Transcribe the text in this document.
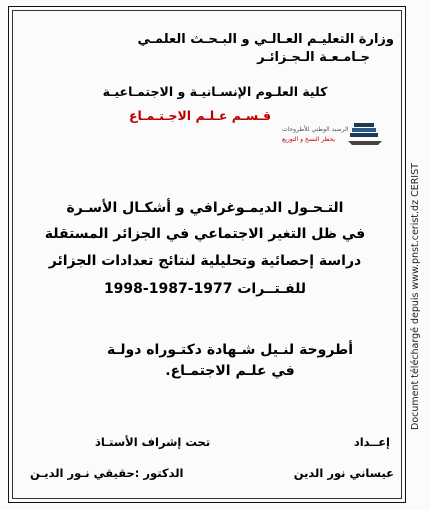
وزارة التعليـم العـالـي و البـحـث العلمـي
جـامـعـة الـجـزائـر
كلية العلـوم الإنسـانيـة و الاجتمـاعيـة
قـسـم عـلـم الاجـتـمـاع
الرصيد الوطني للأطروحات
يحظر النسخ و التوزيع
التـحـول الديمـوغرافي و أشكـال الأسـرة
في ظل التغير الاجتماعي في الجزائر المستقلة
دراسة إحصائية وتحليلية لنتائج تعدادات الجزائر
للفـتــرات 1977-1987-1998
أطروحة لنـيل شـهادة دكتـوراه دولـة
في علـم الاجتمـاع.
إعــداد
تحت إشراف الأستـاذ
عيساني نور الدين
الدكتور :حقيقي نـور الديـن
Document téléchargé depuis www.pnst.cerist.dz CERIST
